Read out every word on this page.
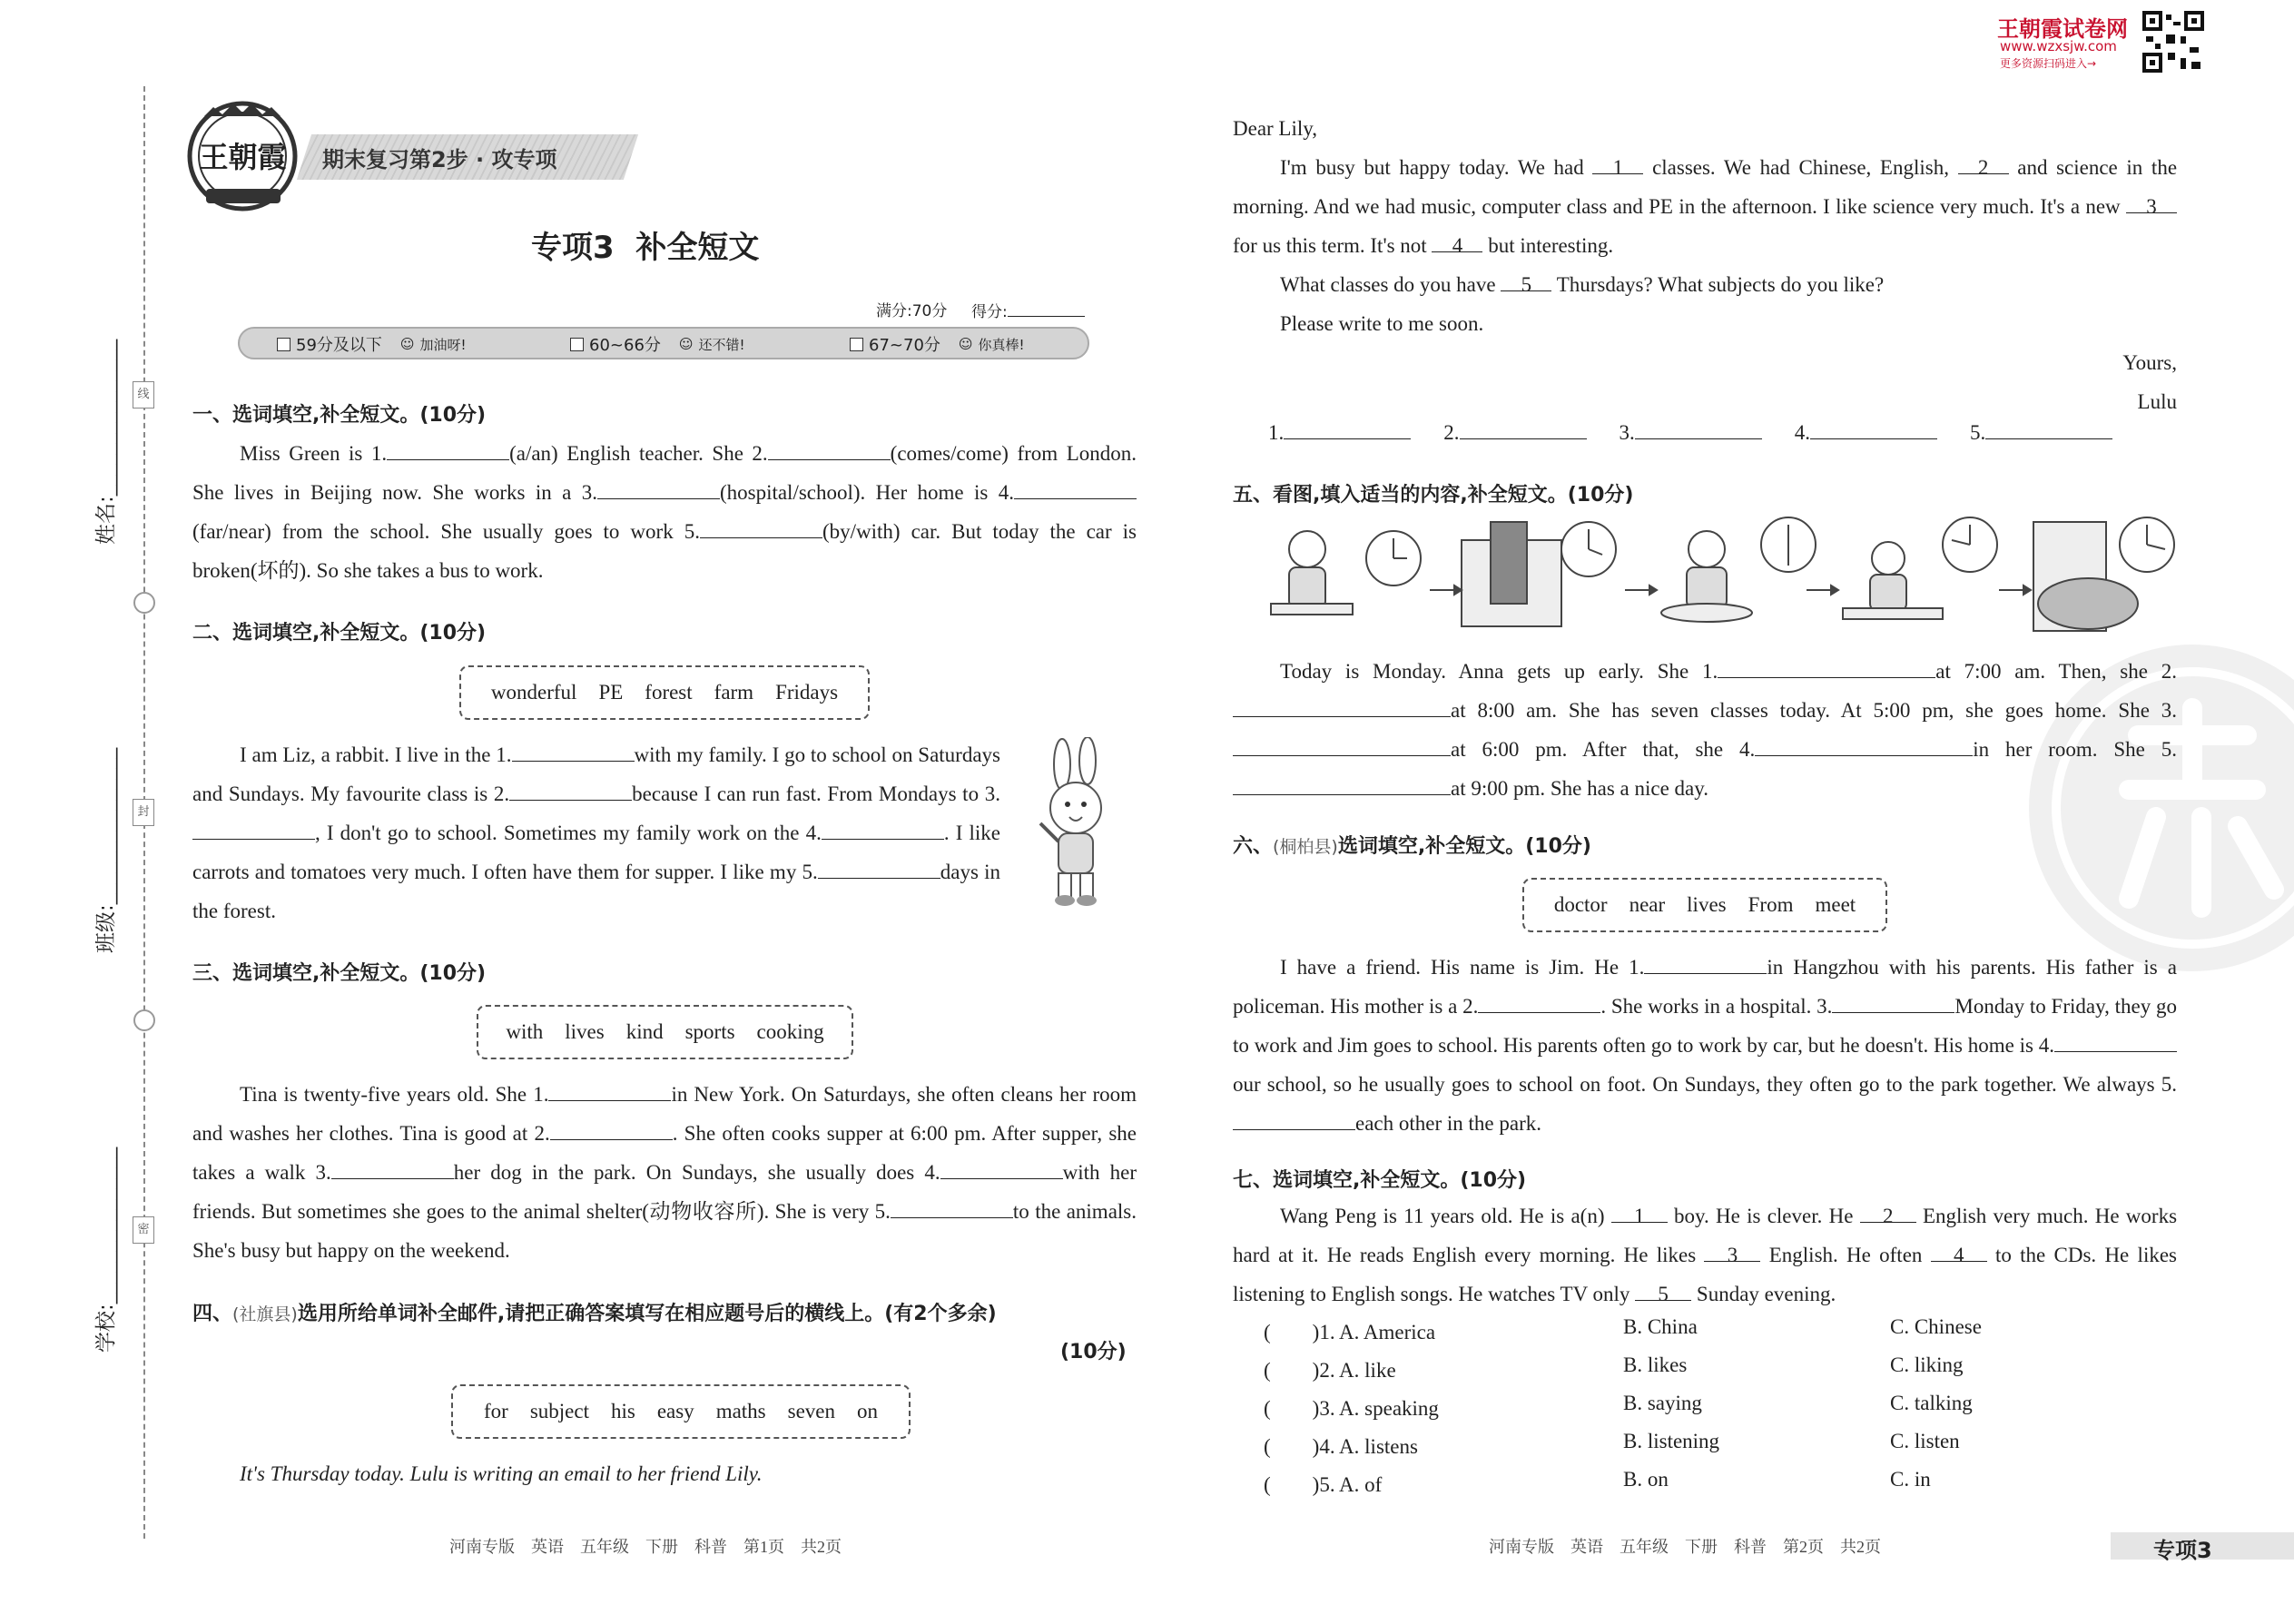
姓名:_______________
班级:_______________
学校:_______________
线
封
密
王朝霞	期末复习第2步 · 攻专项
专项3  补全短文
满分:70分 得分:
59分及以下 ☺ 加油呀!	60~66分 ☺ 还不错!	67~70分 ☺ 你真棒!
一、选词填空,补全短文。(10分)

Miss Green is 1.	(a/an) English teacher. She 2.	(comes/come) from London. She lives in Beijing now. She works in a 3.	(hospital/school). Her home is 4.(far/near) from the school. She usually goes to work 5.	(by/with) car. But today the car is broken(坏的). So she takes a bus to work.

二、选词填空,补全短文。(10分)
wonderful PE forest farm Fridays

I am Liz, a rabbit. I live in the 1.	with my family. I go to school on Saturdays and Sundays. My favourite class is 2.	because I can run fast. From Mondays to 3., I don't go to school. Sometimes my family work on the 4.	. I like carrots and tomatoes very much. I often have them for supper. I like my 5.	days in the forest.

三、选词填空,补全短文。(10分)
with lives kind sports cooking

Tina is twenty-five years old. She 1.	in New York. On Saturdays, she often cleans her room and washes her clothes. Tina is good at 2.	. She often cooks supper at 6:00 pm. After supper, she takes a walk 3.	her dog in the park. On Sundays, she usually does 4.	with her friends. But sometimes she goes to the animal shelter(动物收容所). She is very 5.	to the animals. She's busy but happy on the weekend.

四、(社旗县)选用所给单词补全邮件,请把正确答案填写在相应题号后的横线上。(有2个多余)
(10分)
for subject his easy maths seven on
It's Thursday today. Lulu is writing an email to her friend Lily.
河南专版　英语　五年级　下册　科普　第1页　共2页
王朝霞试卷网
www.wzxsjw.com
更多资源扫码进入→

Dear Lily,

I'm busy but happy today. We had 1 classes. We had Chinese, English, 2 and science in the morning. And we had music, computer class and PE in the afternoon. I like science very much. It's a new 3 for us this term. It's not 4 but interesting.

What classes do you have 5 Thursdays? What subjects do you like?

Please write to me soon.

Yours,

Lulu

1.	2.	3.	4.	5.
五、看图,填入适当的内容,补全短文。(10分)

Today is Monday. Anna gets up early. She 1.	at 7:00 am. Then, she 2.at 8:00 am. She has seven classes today. At 5:00 pm, she goes home. She 3.at 6:00 pm. After that, she 4.	in her room. She 5.at 9:00 pm. She has a nice day.

六、(桐柏县)选词填空,补全短文。(10分)
doctor near lives From meet

I have a friend. His name is Jim. He 1.	in Hangzhou with his parents. His father is a policeman. His mother is a 2.	. She works in a hospital. 3.	Monday to Friday, they go to work and Jim goes to school. His parents often go to work by car, but he doesn't. His home is 4.our school, so he usually goes to school on foot. On Sundays, they often go to the park together. We always 5.each other in the park.

七、选词填空,补全短文。(10分)

Wang Peng is 11 years old. He is a(n) 1 boy. He is clever. He 2 English very much. He works hard at it. He reads English every morning. He likes 3 English. He often 4 to the CDs. He likes listening to English songs. He watches TV only 5 Sunday evening.

(　　)1. A. America	B. China	C. Chinese
(　　)2. A. like	B. likes	C. liking
(　　)3. A. speaking	B. saying	C. talking
(　　)4. A. listens	B. listening	C. listen
(　　)5. A. of	B. on	C. in
河南专版　英语　五年级　下册　科普　第2页　共2页	专项3
